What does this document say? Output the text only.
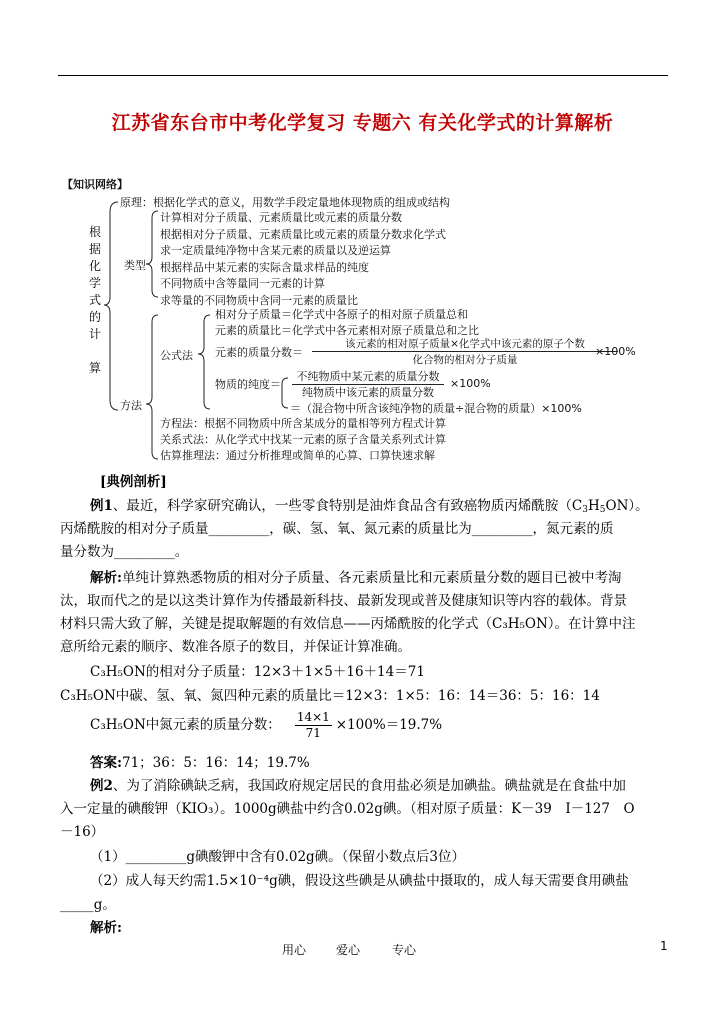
江苏省东台市中考化学复习 专题六 有关化学式的计算解析
【知识网络】
根
据
化
学
式
的
计
算
原理：根据化学式的意义，用数学手段定量地体现物质的组成或结构
类型
计算相对分子质量、元素质量比或元素的质量分数
根据相对分子质量、元素质量比或元素的质量分数求化学式
求一定质量纯净物中含某元素的质量以及逆运算
根据样品中某元素的实际含量求样品的纯度
不同物质中含等量同一元素的计算
求等量的不同物质中含同一元素的质量比
方法
公式法
相对分子质量＝化学式中各原子的相对原子质量总和
元素的质量比＝化学式中各元素相对原子质量总和之比
元素的质量分数＝
该元素的相对原子质量×化学式中该元素的原子个数
化合物的相对分子质量
×100%
物质的纯度＝
不纯物质中某元素的质量分数
纯物质中该元素的质量分数
×100%
＝（混合物中所含该纯净物的质量÷混合物的质量）×100%
方程法：根据不同物质中所含某成分的量相等列方程式计算
关系式法：从化学式中找某一元素的原子含量关系列式计算
估算推理法：通过分析推理或简单的心算、口算快速求解
[典例剖析]
例1、最近，科学家研究确认，一些零食特别是油炸食品含有致癌物质丙烯酰胺$(C_3H_5ON)$。
丙烯酰胺的相对分子质量_________，碳、氢、氧、氮元素的质量比为_________，氮元素的质
量分数为_________。
解析:单纯计算熟悉物质的相对分子质量、各元素质量比和元素质量分数的题目已被中考淘
汰，取而代之的是以这类计算作为传播最新科技、最新发现或普及健康知识等内容的载体。背景
材料只需大致了解，关键是提取解题的有效信息——丙烯酰胺的化学式（C₃H₅ON）。在计算中注
意所给元素的顺序、数准各原子的数目，并保证计算准确。
C₃H₅ON的相对分子质量：12×3＋1×5＋16＋14＝71
C₃H₅ON中碳、氢、氧、氮四种元素的质量比＝12×3：1×5：16：14＝36：5：16：14
C₃H₅ON中氮元素的质量分数： $\frac{14\times 1}{71} \times 100\%=19.7\%$
答案:71；36：5：16：14；19.7%
例2、为了消除碘缺乏病，我国政府规定居民的食用盐必须是加碘盐。碘盐就是在食盐中加
入一定量的碘酸钾（KIO₃）。1000g碘盐中约含0.02g碘。（相对原子质量：K－39　I－127　O
－16）
（1）_________g碘酸钾中含有0.02g碘。（保留小数点后3位）
（2）成人每天约需1.5×10⁻⁴g碘，假设这些碘是从碘盐中摄取的，成人每天需要食用碘盐
_____g。
解析:
用心 爱心	专心	1
